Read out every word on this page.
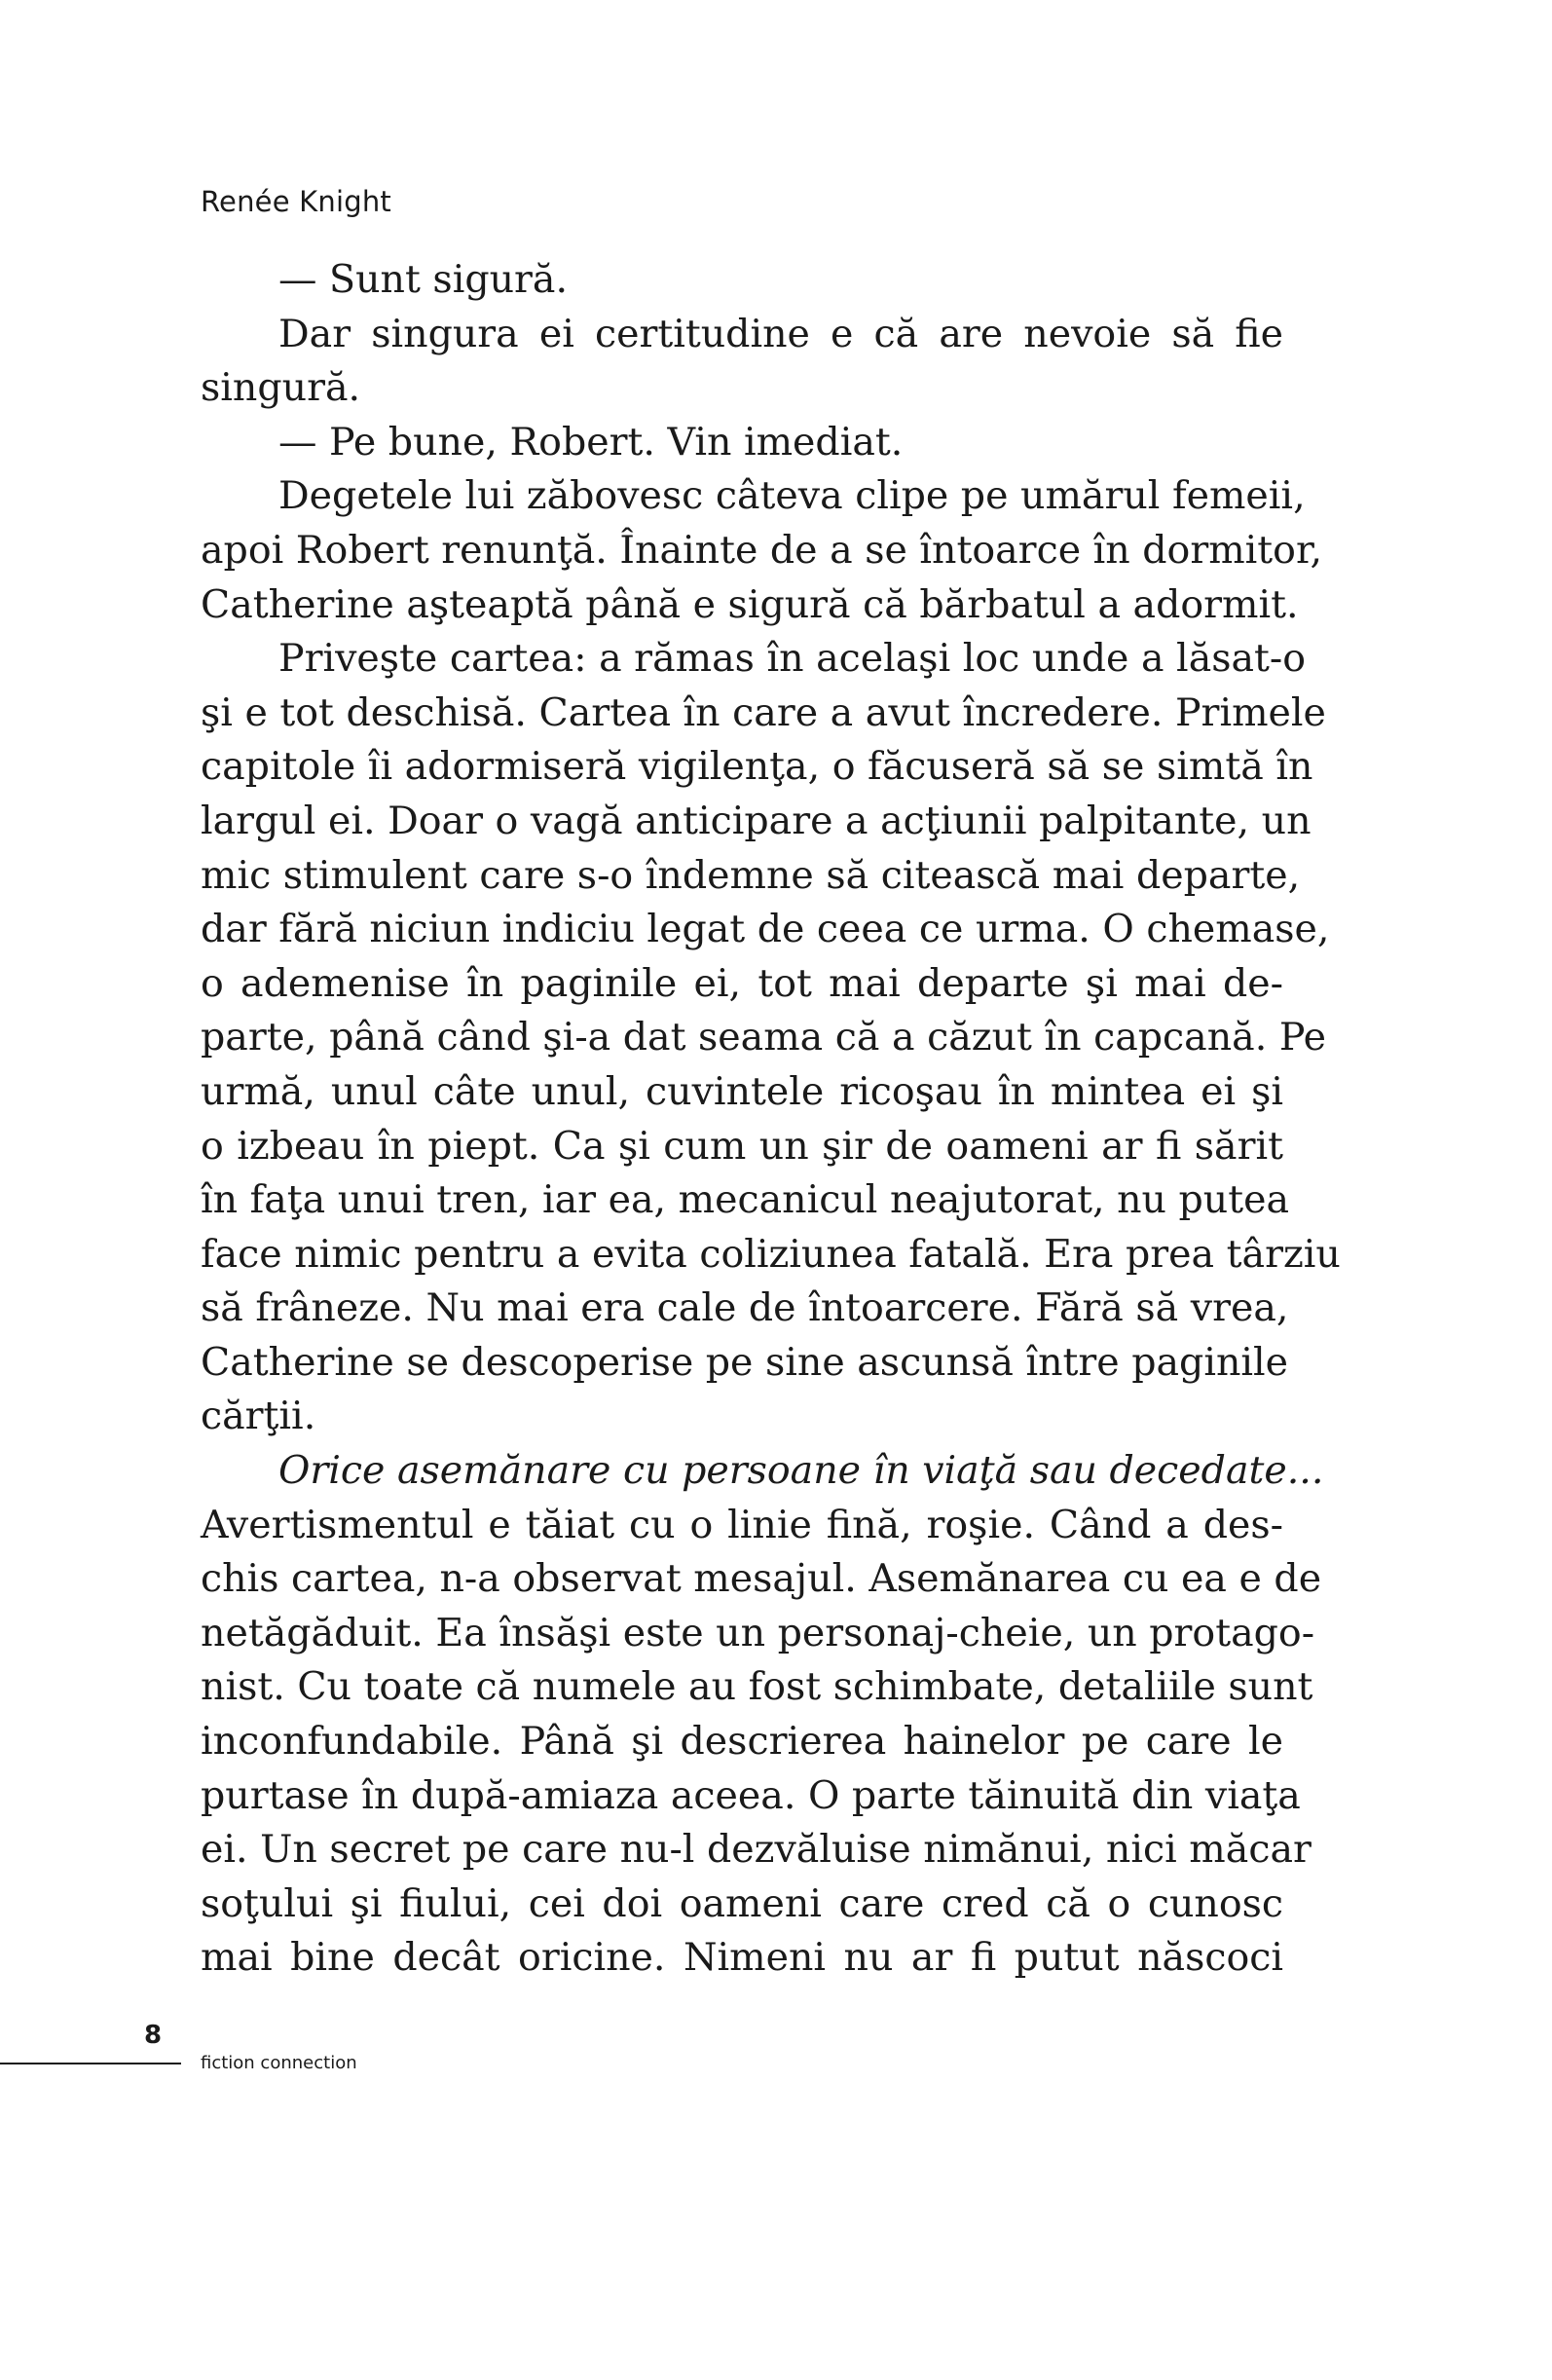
Renée Knight
— Sunt sigură.
Dar singura ei certitudine e că are nevoie să fie
singură.
— Pe bune, Robert. Vin imediat.
Degetele lui zăbovesc câteva clipe pe umărul femeii,
apoi Robert renunţă. Înainte de a se întoarce în dormitor,
Catherine aşteaptă până e sigură că bărbatul a adormit.
Priveşte cartea: a rămas în acelaşi loc unde a lăsat-o
şi e tot deschisă. Cartea în care a avut încredere. Primele
capitole îi adormiseră vigilenţa, o făcuseră să se simtă în
largul ei. Doar o vagă anticipare a acţiunii palpitante, un
mic stimulent care s-o îndemne să citească mai departe,
dar fără niciun indiciu legat de ceea ce urma. O chemase,
o ademenise în paginile ei, tot mai departe şi mai de-
parte, până când şi-a dat seama că a căzut în capcană. Pe
urmă, unul câte unul, cuvintele ricoşau în mintea ei şi
o izbeau în piept. Ca şi cum un şir de oameni ar fi sărit
în faţa unui tren, iar ea, mecanicul neajutorat, nu putea
face nimic pentru a evita coliziunea fatală. Era prea târziu
să frâneze. Nu mai era cale de întoarcere. Fără să vrea,
Catherine se descoperise pe sine ascunsă între paginile
cărţii.
Orice asemănare cu persoane în viaţă sau decedate...
Avertismentul e tăiat cu o linie fină, roşie. Când a des-
chis cartea, n-a observat mesajul. Asemănarea cu ea e de
netăgăduit. Ea însăşi este un personaj-cheie, un protago-
nist. Cu toate că numele au fost schimbate, detaliile sunt
inconfundabile. Până şi descrierea hainelor pe care le
purtase în după-amiaza aceea. O parte tăinuită din viaţa
ei. Un secret pe care nu-l dezvăluise nimănui, nici măcar
soţului şi fiului, cei doi oameni care cred că o cunosc
mai bine decât oricine. Nimeni nu ar fi putut născoci
8
fiction connection
